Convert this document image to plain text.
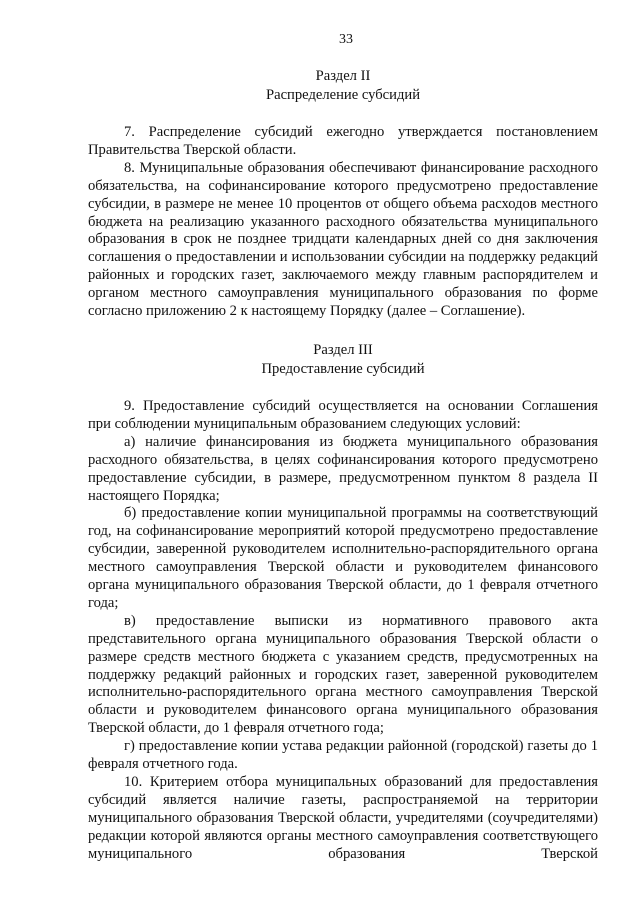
33
Раздел II
Распределение субсидий

7. Распределение субсидий ежегодно утверждается постановлением Правительства Тверской области.

8. Муниципальные образования обеспечивают финансирование расходного обязательства, на софинансирование которого предусмотрено предоставление субсидии, в размере не менее 10 процентов от общего объема расходов местного бюджета на реализацию указанного расходного обязательства муниципального образования в срок не позднее тридцати календарных дней со дня заключения соглашения о предоставлении и использовании субсидии на поддержку редакций районных и городских газет, заключаемого между главным распорядителем и органом местного самоуправления муниципального образования по форме согласно приложению 2 к настоящему Порядку (далее – Соглашение).

Раздел III
Предоставление субсидий

9. Предоставление субсидий осуществляется на основании Соглашения при соблюдении муниципальным образованием следующих условий:

а) наличие финансирования из бюджета муниципального образования расходного обязательства, в целях софинансирования которого предусмотрено предоставление субсидии, в размере, предусмотренном пунктом 8 раздела II настоящего Порядка;

б) предоставление копии муниципальной программы на соответствующий год, на софинансирование мероприятий которой предусмотрено предоставление субсидии, заверенной руководителем исполнительно-распорядительного органа местного самоуправления Тверской области и руководителем финансового органа муниципального образования Тверской области, до 1 февраля отчетного года;

в) предоставление выписки из нормативного правового акта представительного органа муниципального образования Тверской области о размере средств местного бюджета с указанием средств, предусмотренных на поддержку редакций районных и городских газет, заверенной руководителем исполнительно-распорядительного органа местного самоуправления Тверской области и руководителем финансового органа муниципального образования Тверской области, до 1 февраля отчетного года;

г) предоставление копии устава редакции районной (городской) газеты до 1 февраля отчетного года.

10. Критерием отбора муниципальных образований для предоставления субсидий является наличие газеты, распространяемой на территории муниципального образования Тверской области, учредителями (соучредителями) редакции которой являются органы местного самоуправления соответствующего муниципального образования Тверской
